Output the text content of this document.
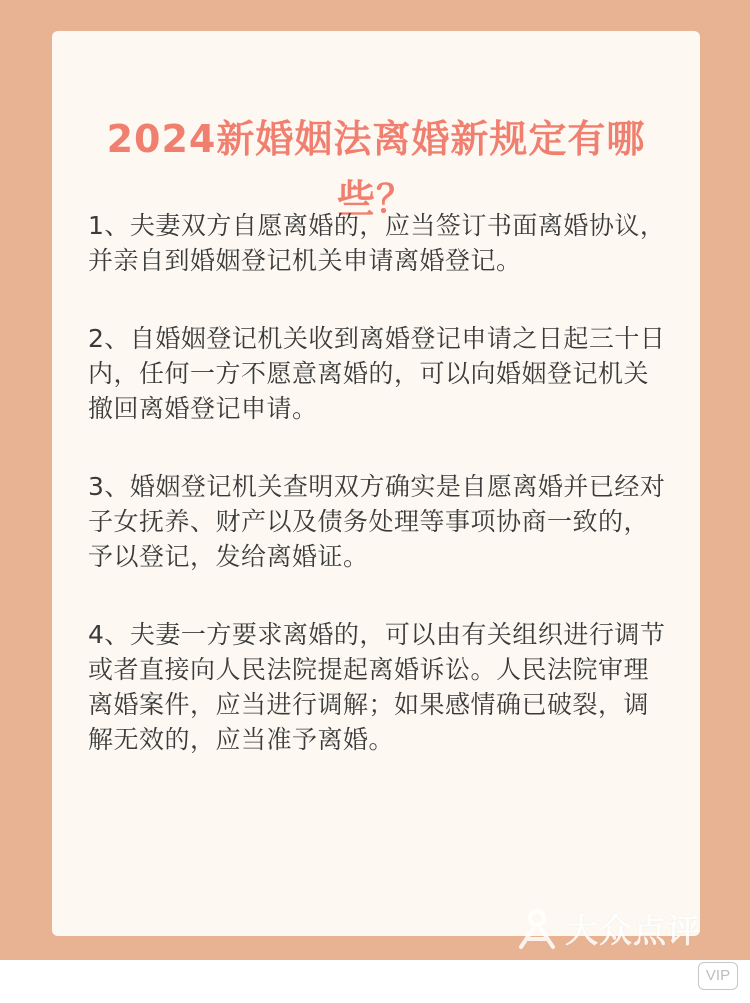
2024新婚姻法离婚新规定有哪些？

1、夫妻双方自愿离婚的，应当签订书面离婚协议，并亲自到婚姻登记机关申请离婚登记。

2、自婚姻登记机关收到离婚登记申请之日起三十日内，任何一方不愿意离婚的，可以向婚姻登记机关撤回离婚登记申请。

3、婚姻登记机关查明双方确实是自愿离婚并已经对子女抚养、财产以及债务处理等事项协商一致的，予以登记，发给离婚证。

4、夫妻一方要求离婚的，可以由有关组织进行调节或者直接向人民法院提起离婚诉讼。人民法院审理离婚案件，应当进行调解；如果感情确已破裂，调解无效的，应当准予离婚。

大众点评
VIP
